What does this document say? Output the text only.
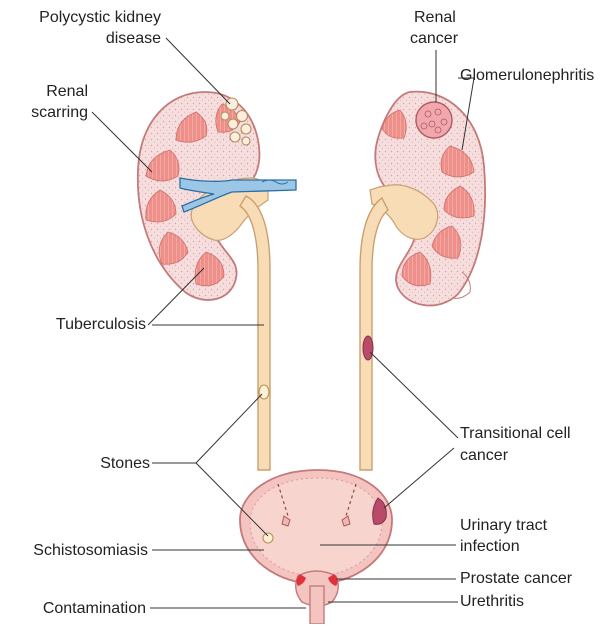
Polycystic kidney
disease
Renal
scarring
Renal
cancer
Glomerulonephritis
Tuberculosis
Stones
Transitional cell
cancer
Schistosomiasis
Urinary tract
infection
Prostate cancer
Contamination	Urethritis
